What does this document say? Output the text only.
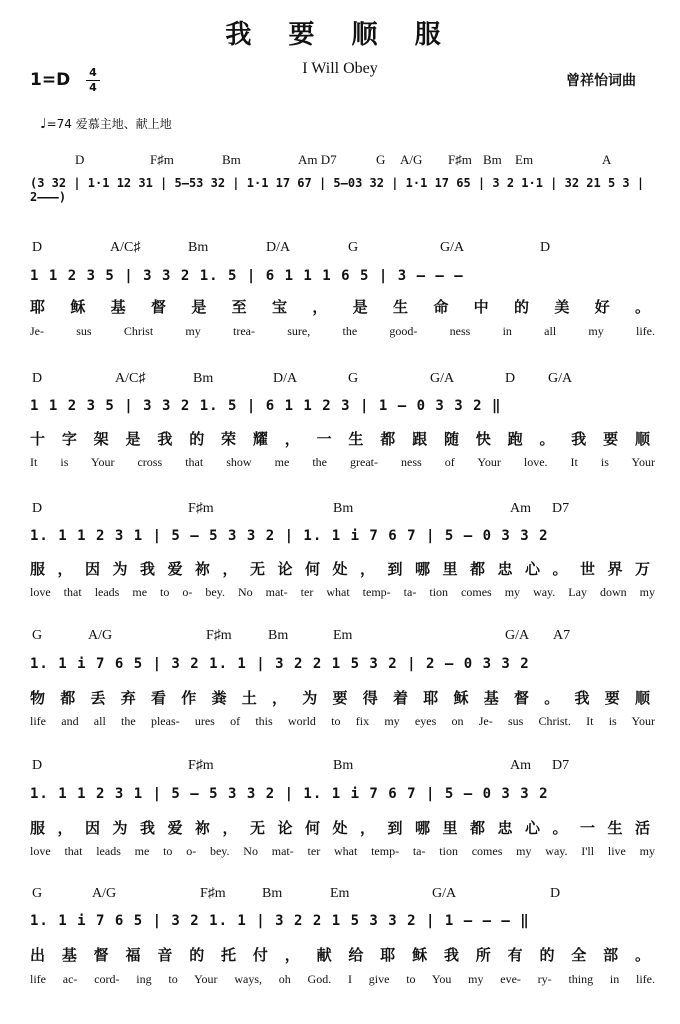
我 要 顺 服
I Will Obey
1=D 4
4	曾祥怡词曲
♩=74 爱慕主地、献上地
D	F♯m	Bm	Am D7	G A/G F♯m Bm Em	A
(3 32 | 1·1 12 31 | 5–53 32 | 1·1 17 67 | 5–03 32 | 1·1 17 65 | 3 2 1·1 | 32 21 5 3 | 2–––)
D	A/C♯	Bm	D/A	G	G/A	D
1 1 2 3 5 | 3 3 2 1. 5 | 6 1 1 1 6 5 | 3 – – –
耶稣基督是至宝，是生命中的美好。
Je- sus Christ my trea- sure, the good- ness in all my life.
D	A/C♯	Bm	D/A	G	G/A	D G/A
1 1 2 3 5 | 3 3 2 1. 5 | 6 1 1 2 3 | 1 – 0 3 3 2 ‖
十字架是我的荣耀，一生都跟随快跑。我要顺
It is Your cross that show me the great- ness of Your love. It is Your
D	F♯m	Bm	Am D7
1. 1 1 2 3 1 | 5 – 5 3 3 2 | 1. 1 i 7 6 7 | 5 – 0 3 3 2
服，因为我爱祢，无论何处，到哪里都忠心。世界万
love that leads me to o- bey. No mat- ter what temp- ta- tion comes my way. Lay down my
G	A/G	F♯m	Bm	Em	G/A A7
1. 1 i 7 6 5 | 3 2 1. 1 | 3 2 2 1 5 3 2 | 2 – 0 3 3 2
物都丢弃看作粪土，为要得着耶稣基督。我要顺
life and all the pleas- ures of this world to fix my eyes on Je- sus Christ. It is Your
D	F♯m	Bm	Am D7
1. 1 1 2 3 1 | 5 – 5 3 3 2 | 1. 1 i 7 6 7 | 5 – 0 3 3 2
服，因为我爱祢，无论何处，到哪里都忠心。一生活
love that leads me to o- bey. No mat- ter what temp- ta- tion comes my way. I'll live my
G	A/G	F♯m	Bm	Em	G/A	D
1. 1 i 7 6 5 | 3 2 1. 1 | 3 2 2 1 5 3 3 2 | 1 – – – ‖
出基督福音的托付，献给耶稣我所有的全部。
life ac- cord- ing to Your ways, oh God. I give to You my eve- ry- thing in life.
